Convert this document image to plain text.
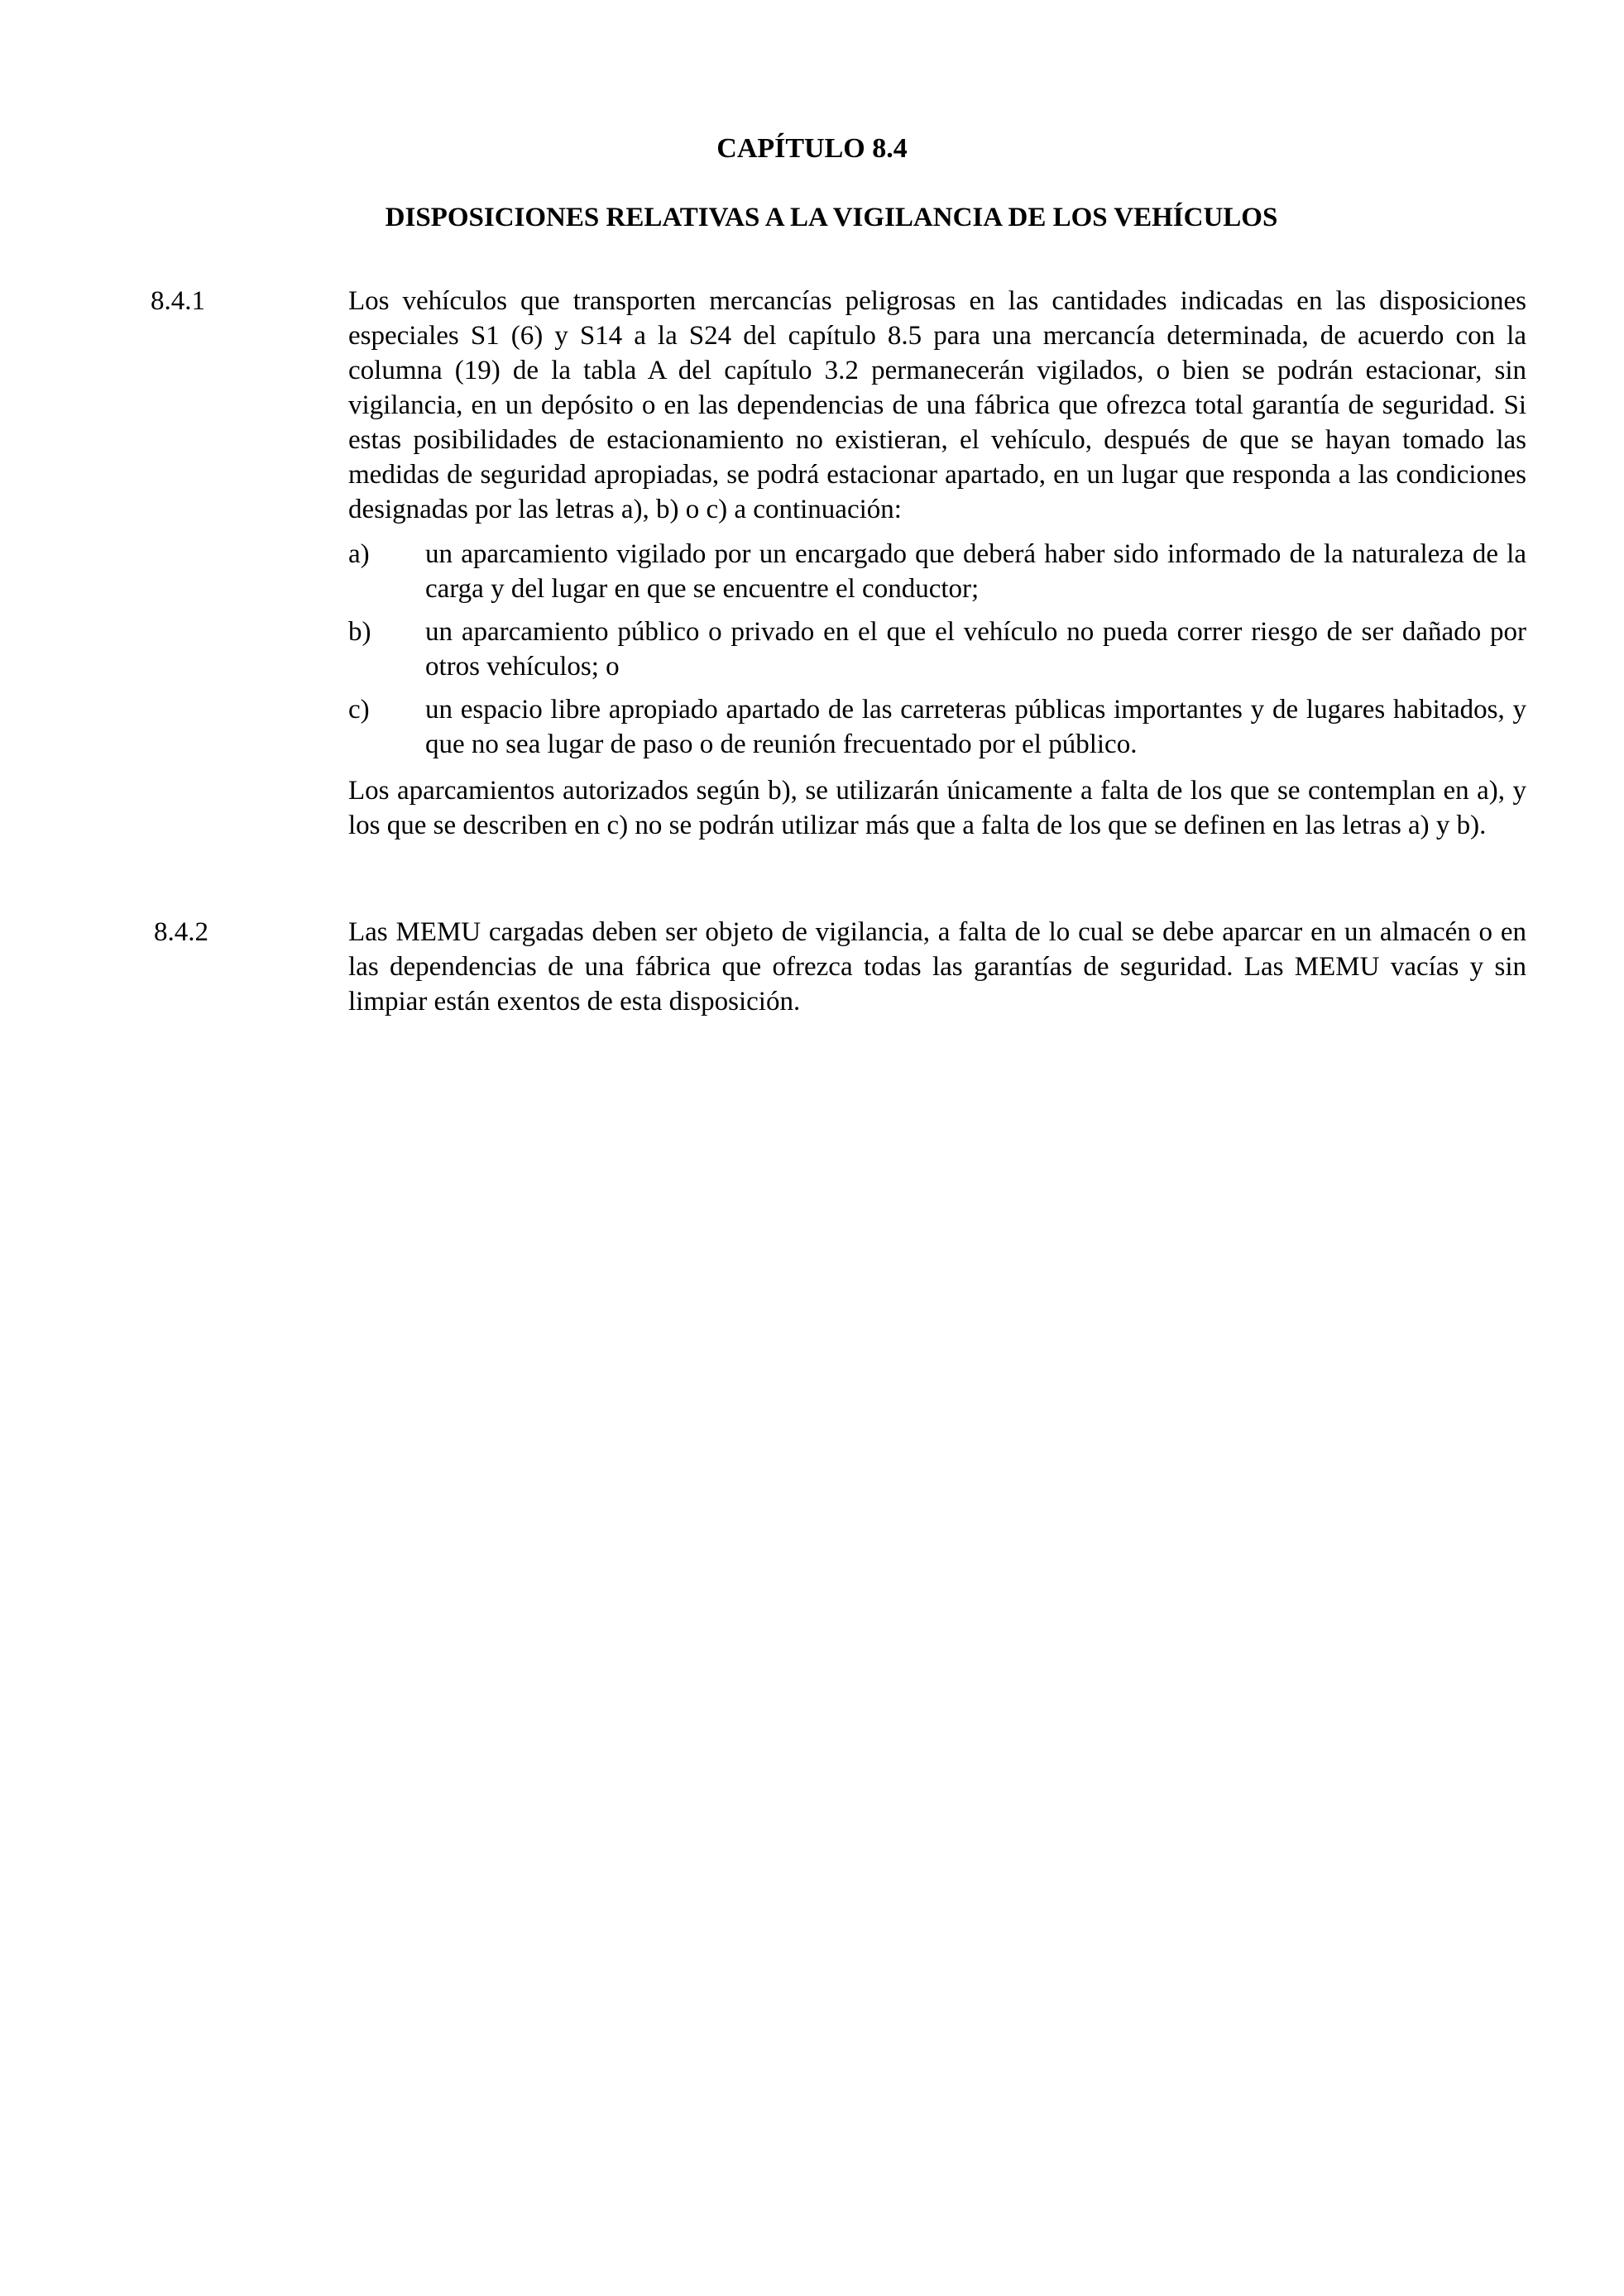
CAPÍTULO 8.4
DISPOSICIONES RELATIVAS A LA VIGILANCIA DE LOS VEHÍCULOS
8.4.1	Los vehículos que transporten mercancías peligrosas en las cantidades indicadas en las disposiciones especiales S1 (6) y S14 a la S24 del capítulo 8.5 para una mercancía determinada, de acuerdo con la columna (19) de la tabla A del capítulo 3.2 permanecerán vigilados, o bien se podrán estacionar, sin vigilancia, en un depósito o en las dependencias de una fábrica que ofrezca total garantía de seguridad. Si estas posibilidades de estacionamiento no existieran, el vehículo, después de que se hayan tomado las medidas de seguridad apropiadas, se podrá estacionar apartado, en un lugar que responda a las condiciones designadas por las letras a), b) o c) a continuación:

a) un aparcamiento vigilado por un encargado que deberá haber sido informado de la naturaleza de la carga y del lugar en que se encuentre el conductor;
b) un aparcamiento público o privado en el que el vehículo no pueda correr riesgo de ser dañado por otros vehículos; o
c) un espacio libre apropiado apartado de las carreteras públicas importantes y de lugares habitados, y que no sea lugar de paso o de reunión frecuentado por el público.

Los aparcamientos autorizados según b), se utilizarán únicamente a falta de los que se contemplan en a), y los que se describen en c) no se podrán utilizar más que a falta de los que se definen en las letras a) y b).

8.4.2	Las MEMU cargadas deben ser objeto de vigilancia, a falta de lo cual se debe aparcar en un almacén o en las dependencias de una fábrica que ofrezca todas las garantías de seguridad. Las MEMU vacías y sin limpiar están exentos de esta disposición.
